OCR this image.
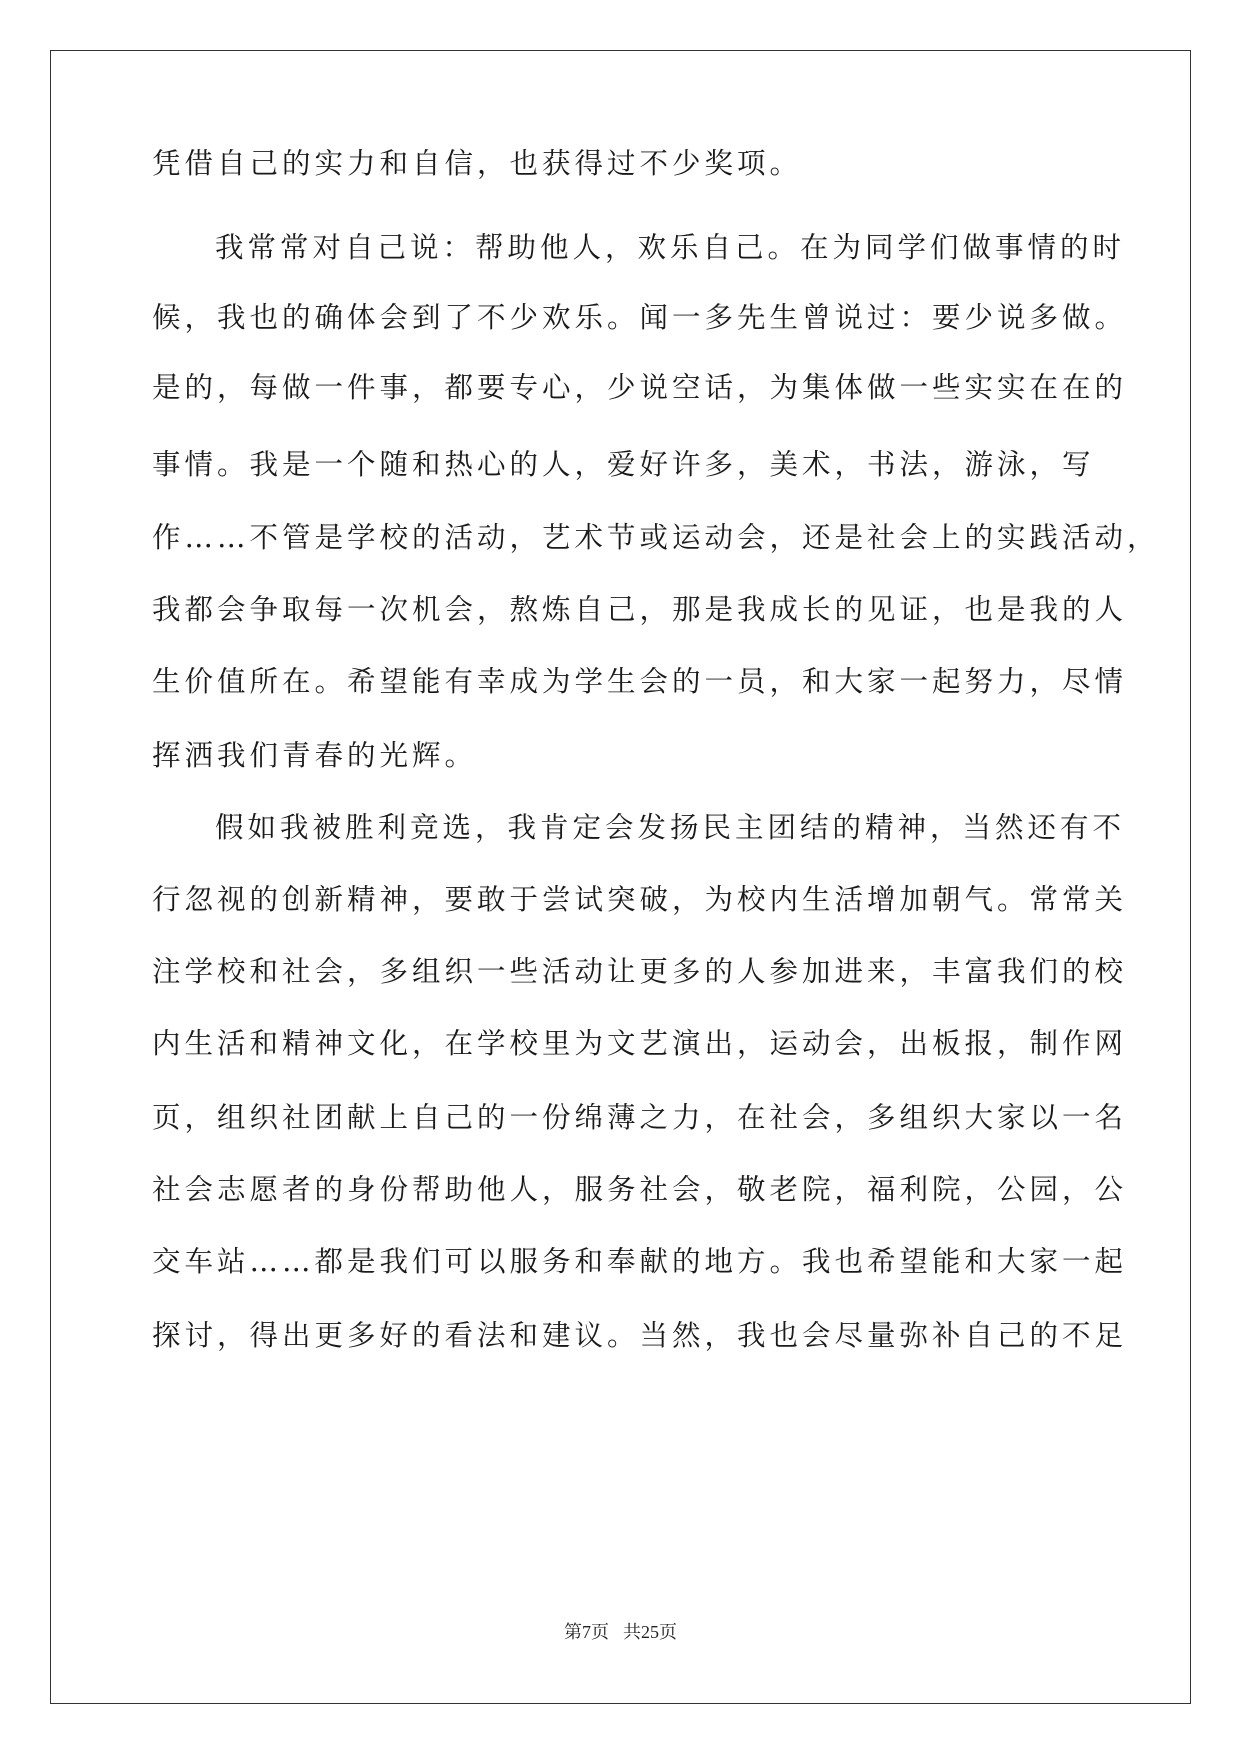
凭借自己的实力和自信，也获得过不少奖项。
我常常对自己说：帮助他人，欢乐自己。在为同学们做事情的时
候，我也的确体会到了不少欢乐。闻一多先生曾说过：要少说多做。
是的，每做一件事，都要专心，少说空话，为集体做一些实实在在的
事情。我是一个随和热心的人，爱好许多，美术，书法，游泳，写
作……不管是学校的活动，艺术节或运动会，还是社会上的实践活动，
我都会争取每一次机会，熬炼自己，那是我成长的见证，也是我的人
生价值所在。希望能有幸成为学生会的一员，和大家一起努力，尽情
挥洒我们青春的光辉。
假如我被胜利竞选，我肯定会发扬民主团结的精神，当然还有不
行忽视的创新精神，要敢于尝试突破，为校内生活增加朝气。常常关
注学校和社会，多组织一些活动让更多的人参加进来，丰富我们的校
内生活和精神文化，在学校里为文艺演出，运动会，出板报，制作网
页，组织社团献上自己的一份绵薄之力，在社会，多组织大家以一名
社会志愿者的身份帮助他人，服务社会，敬老院，福利院，公园，公
交车站……都是我们可以服务和奉献的地方。我也希望能和大家一起
探讨，得出更多好的看法和建议。当然，我也会尽量弥补自己的不足
第7页 共25页
